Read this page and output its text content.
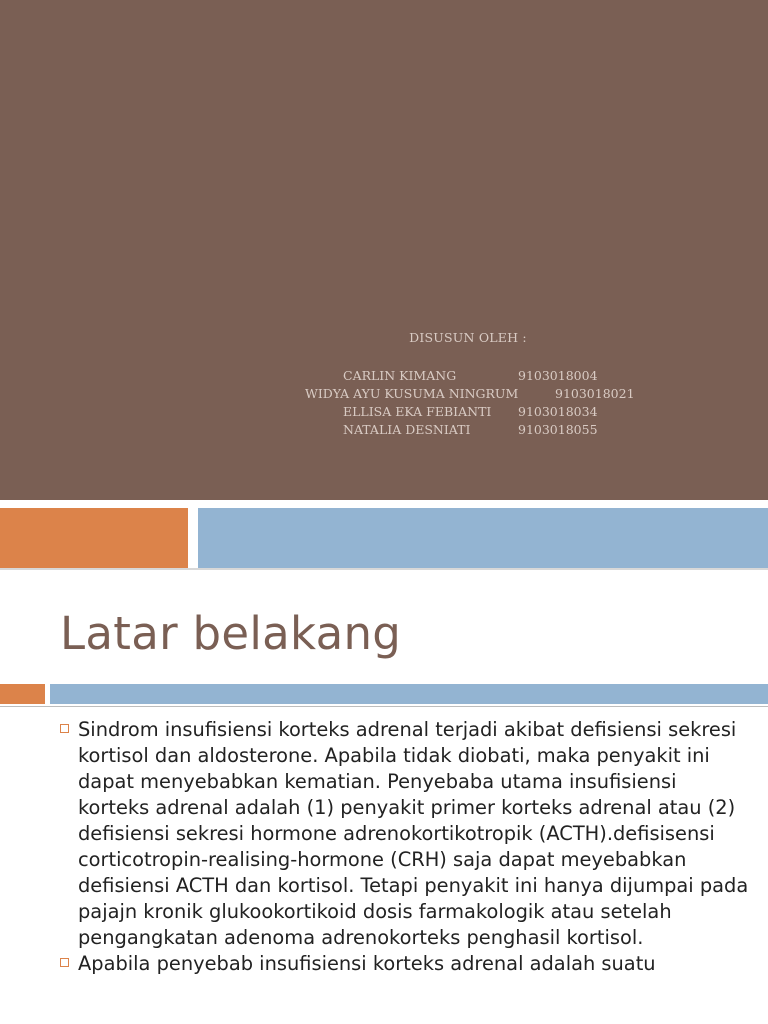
DISUSUN OLEH :
CARLIN KIMANG	9103018004
WIDYA AYU KUSUMA NINGRUM	9103018021
ELLISA EKA FEBIANTI 9103018034
NATALIA DESNIATI	9103018055
Latar belakang
Sindrom insufisiensi korteks adrenal terjadi akibat defisiensi sekresi kortisol dan aldosterone. Apabila tidak diobati, maka penyakit ini dapat menyebabkan kematian. Penyebaba utama insufisiensi korteks adrenal adalah (1) penyakit primer korteks adrenal atau (2) defisiensi sekresi hormone adrenokortikotropik (ACTH).defisisensi corticotropin-realising-hormone (CRH) saja dapat meyebabkan defisiensi ACTH dan kortisol. Tetapi penyakit ini hanya dijumpai pada pajajn kronik glukookortikoid dosis farmakologik atau setelah pengangkatan adenoma adrenokorteks penghasil kortisol.
Apabila penyebab insufisiensi korteks adrenal adalah suatu
